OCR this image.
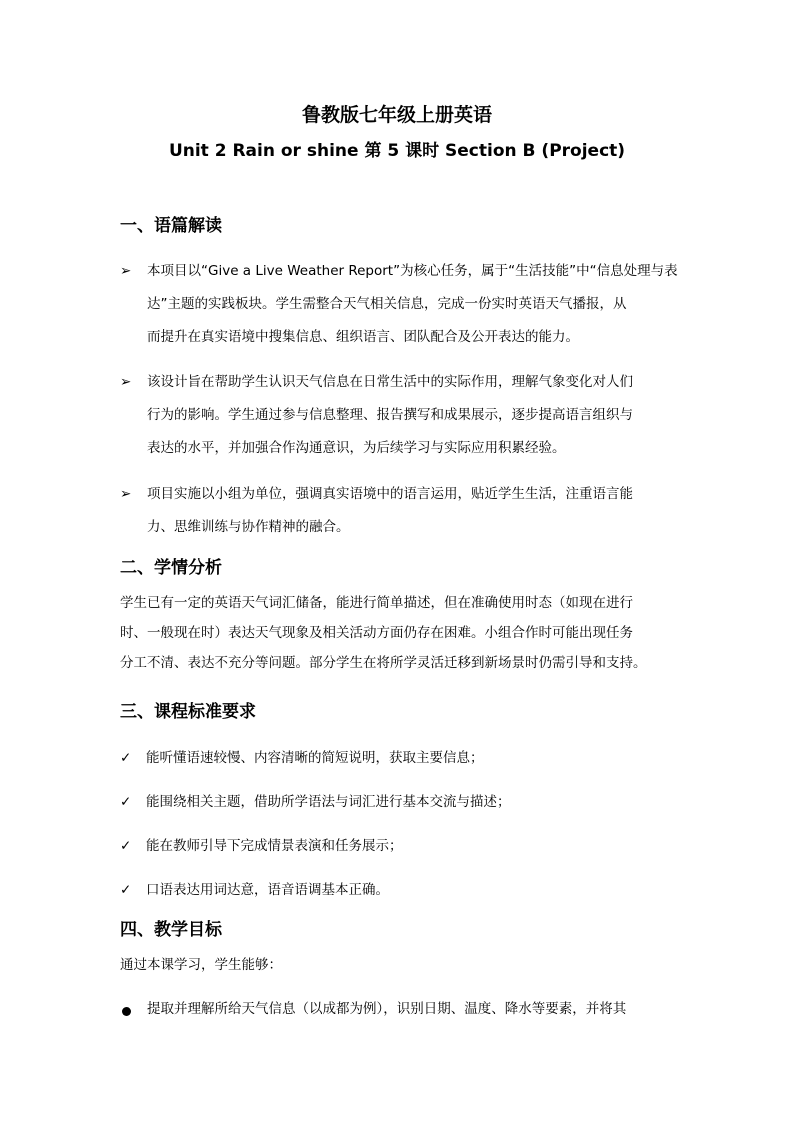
鲁教版七年级上册英语
Unit 2 Rain or shine 第 5 课时 Section B (Project)
一、语篇解读
➢	本项目以“Give a Live Weather Report”为核心任务，属于“生活技能”中“信息处理与表
达”主题的实践板块。学生需整合天气相关信息，完成一份实时英语天气播报，从
而提升在真实语境中搜集信息、组织语言、团队配合及公开表达的能力。
➢	该设计旨在帮助学生认识天气信息在日常生活中的实际作用，理解气象变化对人们
行为的影响。学生通过参与信息整理、报告撰写和成果展示，逐步提高语言组织与
表达的水平，并加强合作沟通意识，为后续学习与实际应用积累经验。
➢	项目实施以小组为单位，强调真实语境中的语言运用，贴近学生生活，注重语言能
力、思维训练与协作精神的融合。
二、学情分析
学生已有一定的英语天气词汇储备，能进行简单描述，但在准确使用时态（如现在进行
时、一般现在时）表达天气现象及相关活动方面仍存在困难。小组合作时可能出现任务
分工不清、表达不充分等问题。部分学生在将所学灵活迁移到新场景时仍需引导和支持。
三、课程标准要求
✓ 能听懂语速较慢、内容清晰的简短说明，获取主要信息；
✓ 能围绕相关主题，借助所学语法与词汇进行基本交流与描述；
✓ 能在教师引导下完成情景表演和任务展示；
✓ 口语表达用词达意，语音语调基本正确。
四、教学目标
通过本课学习，学生能够：
提取并理解所给天气信息（以成都为例），识别日期、温度、降水等要素，并将其
